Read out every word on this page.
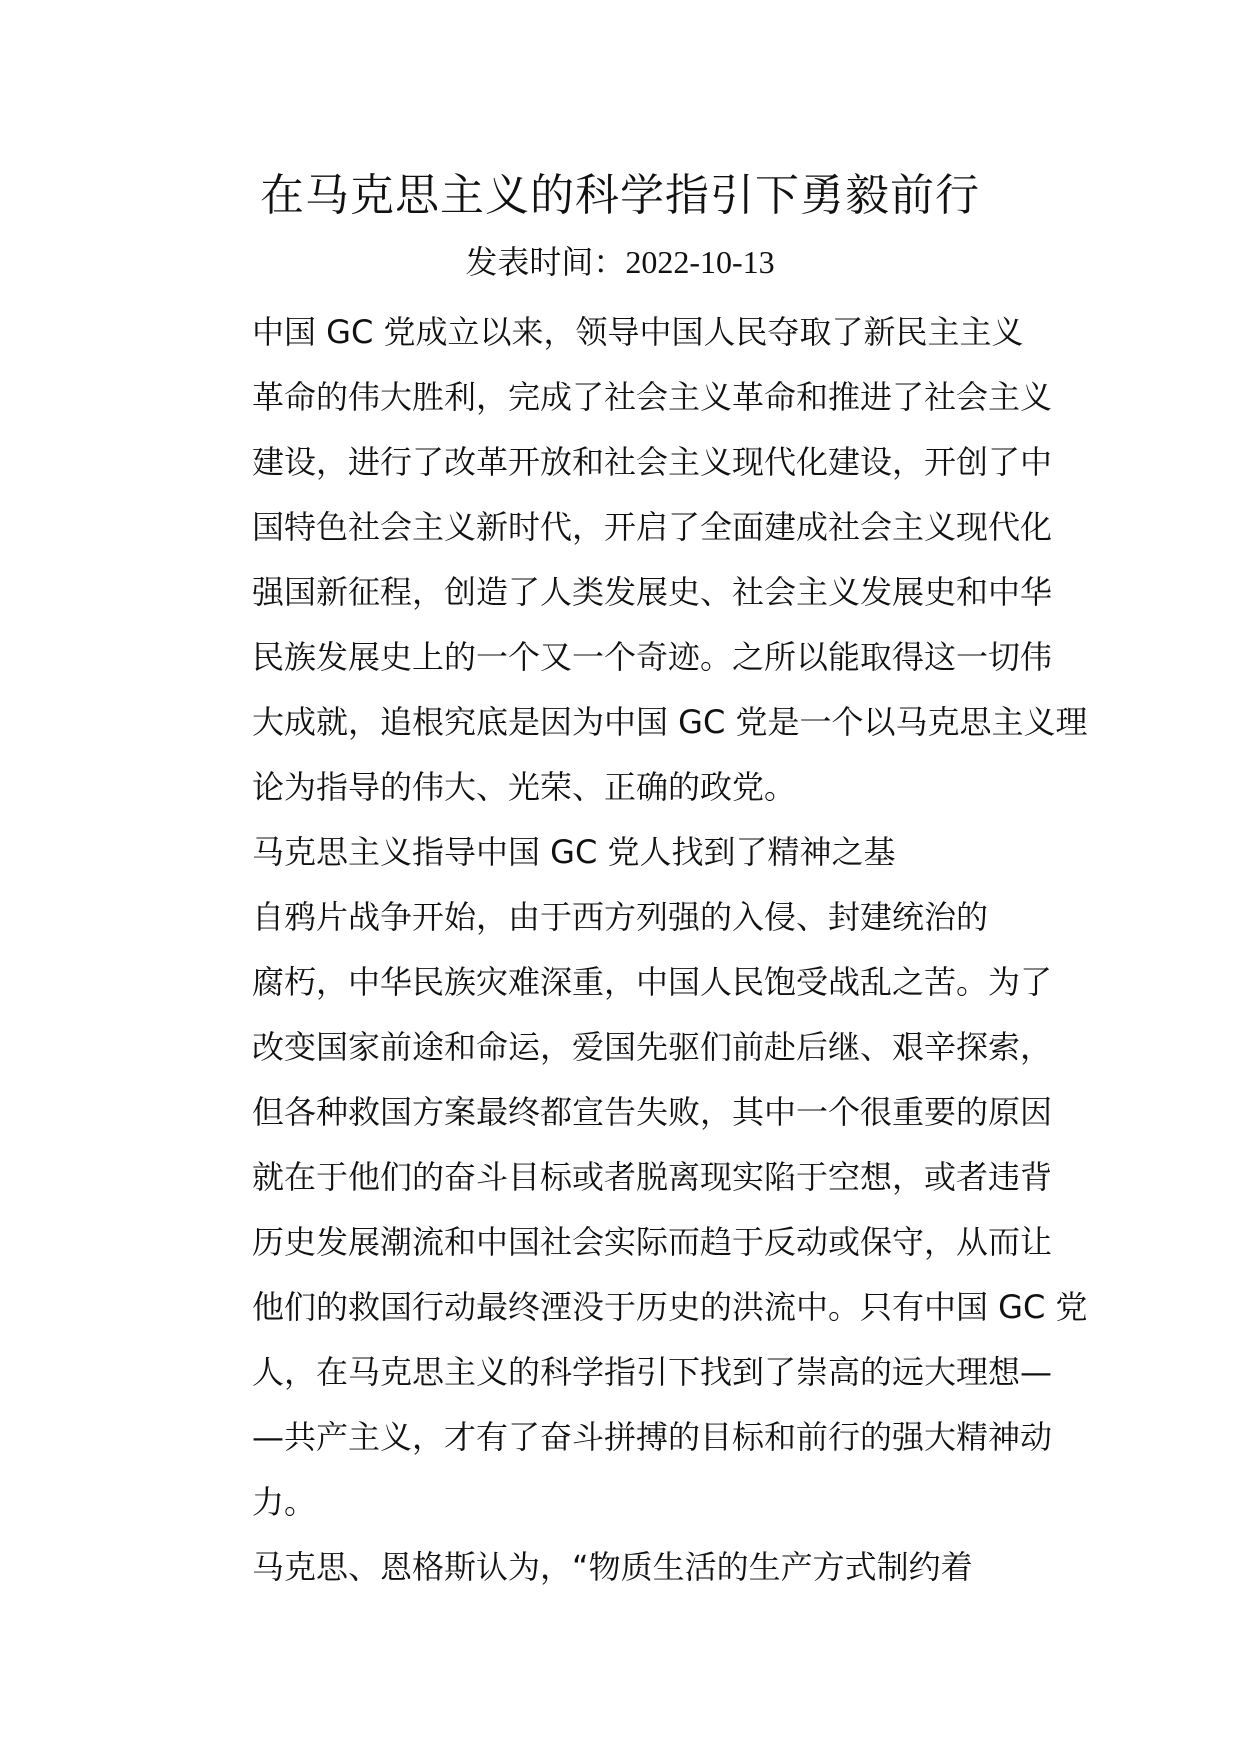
在马克思主义的科学指引下勇毅前行

发表时间：2022-10-13

中国 GC 党成立以来，领导中国人民夺取了新民主主义
革命的伟大胜利，完成了社会主义革命和推进了社会主义
建设，进行了改革开放和社会主义现代化建设，开创了中
国特色社会主义新时代，开启了全面建成社会主义现代化
强国新征程，创造了人类发展史、社会主义发展史和中华
民族发展史上的一个又一个奇迹。之所以能取得这一切伟
大成就，追根究底是因为中国 GC 党是一个以马克思主义理
论为指导的伟大、光荣、正确的政党。

马克思主义指导中国 GC 党人找到了精神之基

自鸦片战争开始，由于西方列强的入侵、封建统治的
腐朽，中华民族灾难深重，中国人民饱受战乱之苦。为了
改变国家前途和命运，爱国先驱们前赴后继、艰辛探索，
但各种救国方案最终都宣告失败，其中一个很重要的原因
就在于他们的奋斗目标或者脱离现实陷于空想，或者违背
历史发展潮流和中国社会实际而趋于反动或保守，从而让
他们的救国行动最终湮没于历史的洪流中。只有中国 GC 党
人，在马克思主义的科学指引下找到了崇高的远大理想—
—共产主义，才有了奋斗拼搏的目标和前行的强大精神动
力。

马克思、恩格斯认为，“物质生活的生产方式制约着
